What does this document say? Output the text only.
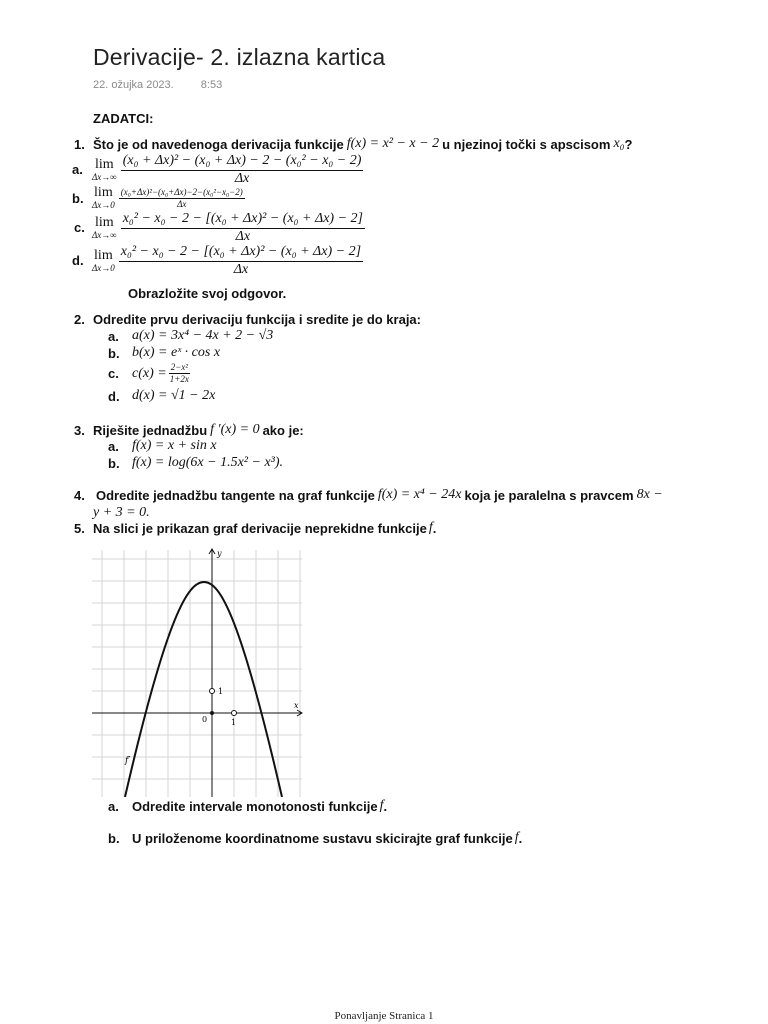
Derivacije- 2. izlazna kartica
22. ožujka 2023. 8:53
ZADATCI:
1. Što je od navedenoga derivacija funkcije f(x) = x² − x − 2 u njezinoj točki s apscisom x₀ ?
a. lim
$\Delta x\to\infty \frac{\text{(x₀ + Δx)² − (x₀ + Δx) − 2 − (x₀² − x₀ − 2)}}{\Delta x}$
b. lim
$\Delta x\to 0 \frac{\text{(x₀+Δx)²−(x₀+Δx)−2−(x₀²−x₀−2)}}{\Delta x}$
c. lim
$\Delta x\to\infty \frac{\text{x₀² − x₀ − 2 − [(x₀ + Δx)² − (x₀ + Δx) − 2]}}{\Delta x}$
d. lim
$\Delta x\to 0 \frac{\text{x₀² − x₀ − 2 − [(x₀ + Δx)² − (x₀ + Δx) − 2]}}{\Delta x}$
Obrazložite svoj odgovor.
2. Odredite prvu derivaciju funkcija i sredite je do kraja:
a. a(x) = 3x⁴ − 4x + 2 − √3
b. b(x) = eˣ · cos x
c. $c(x) = \frac{\text{2−x²}}{1+2x}$
d. d(x) = √1 − 2x
3. Riješite jednadžbu f ′(x) = 0 ako je:
a. f(x) = x + sin x
b. f(x) = log(6x − 1.5x² − x³).
4. Odredite jednadžbu tangente na graf funkcije f(x) = x⁴ − 24x koja je paralelna s pravcem 8x −
y + 3 = 0.
5. Na slici je prikazan graf derivacije neprekidne funkcije f .
y
x
0
1
1
f′
a.	Odredite intervale monotonosti funkcije f .
b. U priloženome koordinatnome sustavu skicirajte graf funkcije f .
Ponavljanje Stranica 1
